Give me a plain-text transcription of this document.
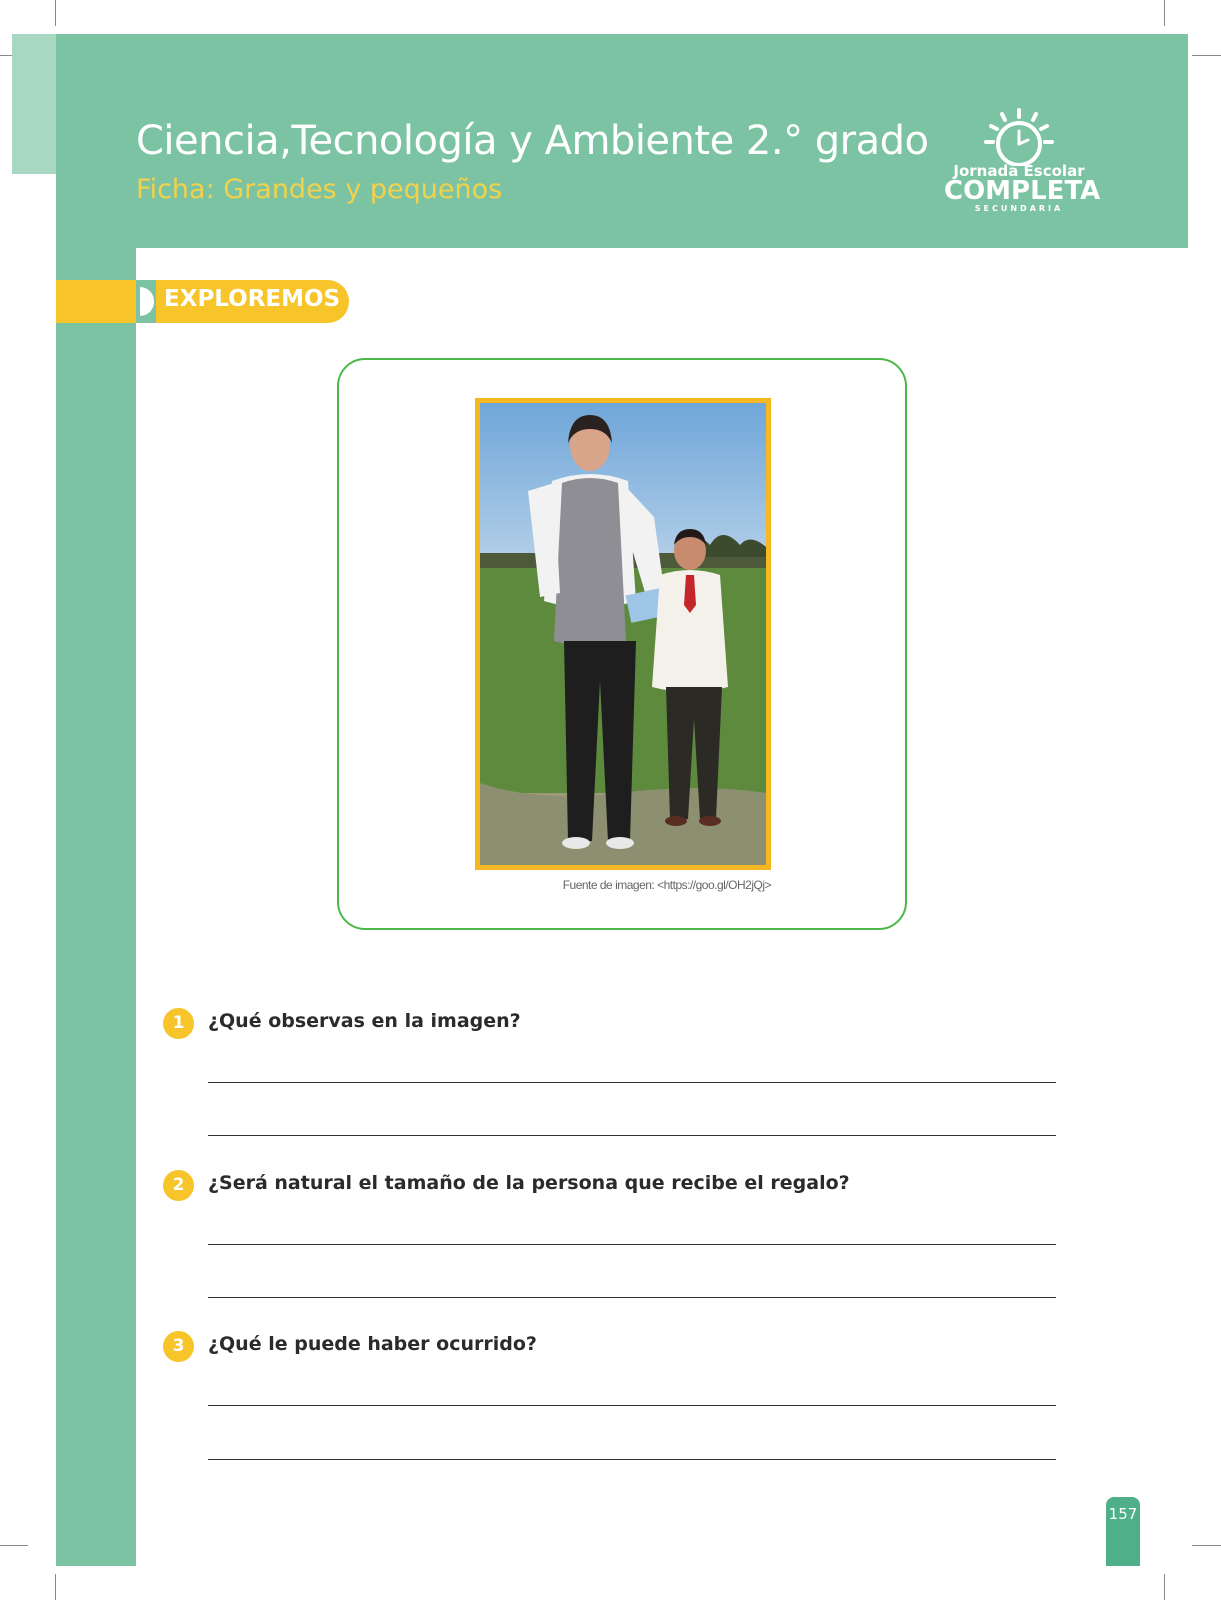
Ciencia,Tecnología y Ambiente 2.° grado
Ficha: Grandes y pequeños
Jornada Escolar
COMPLETA
SECUNDARIA
EXPLOREMOS
Fuente de imagen: <https://goo.gl/OH2jQj>
1	¿Qué observas en la imagen?
2	¿Será natural el tamaño de la persona que recibe el regalo?
3	¿Qué le puede haber ocurrido?
157
